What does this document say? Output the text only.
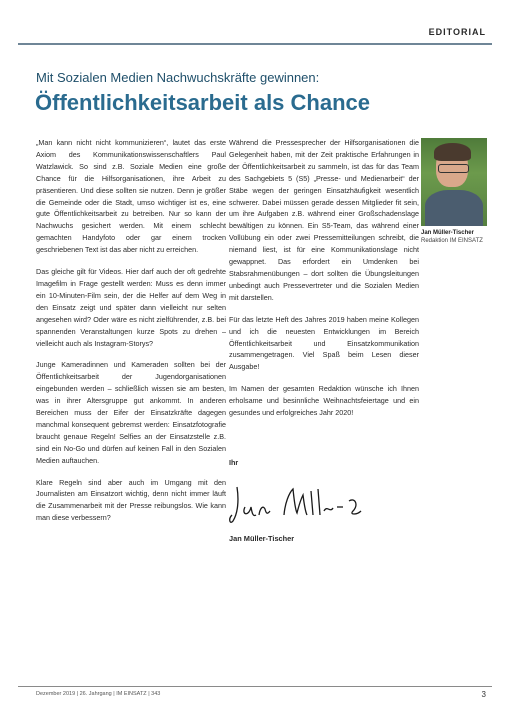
EDITORIAL
Mit Sozialen Medien Nachwuchskräfte gewinnen:
Öffentlichkeitsarbeit als Chance

„Man kann nicht nicht kommunizieren“, lautet das erste Axiom des Kommunikationswissenschaftlers Paul Watzlawick. So sind z.B. Soziale Medien eine große Chance für die Hilfsorganisationen, ihre Arbeit zu präsentieren. Und diese sollten sie nutzen. Denn je größer die Gemeinde oder die Stadt, umso wichtiger ist es, eine gute Öffentlichkeitsarbeit zu betreiben. Nur so kann der Nachwuchs gesichert werden. Mit einem schlecht gemachten Handyfoto oder gar einem trocken geschriebenen Text ist das aber nicht zu erreichen.

Das gleiche gilt für Videos. Hier darf auch der oft gedrehte Imagefilm in Frage gestellt werden: Muss es denn immer ein 10-Minuten-Film sein, der die Helfer auf dem Weg in den Einsatz zeigt und später dann vielleicht nur selten angesehen wird? Oder wäre es nicht zielführender, z.B. bei spannenden Veranstaltungen kurze Spots zu drehen – vielleicht auch als Instagram-Storys?

Junge Kameradinnen und Kameraden sollten bei der Öffentlichkeitsarbeit der Jugendorganisationen eingebunden werden – schließlich wissen sie am besten, was in ihrer Altersgruppe gut ankommt. In anderen Bereichen muss der Eifer der Einsatzkräfte dagegen manchmal konsequent gebremst werden: Einsatzfotografie braucht genaue Regeln! Selfies an der Einsatzstelle z.B. sind ein No-Go und dürfen auf keinen Fall in den Sozialen Medien auftauchen.

Klare Regeln sind aber auch im Umgang mit den Journalisten am Einsatzort wichtig, denn nicht immer läuft die Zusammenarbeit mit der Presse reibungslos. Wie kann man diese verbessern?

Während die Pressesprecher der Hilfsorganisationen die Gelegenheit haben, mit der Zeit praktische Erfahrungen in der Öffentlichkeitsarbeit zu sammeln, ist das für das Team des Sachgebiets 5 (S5) „Presse- und Medienarbeit“ der Stäbe wegen der geringen Einsatzhäufigkeit wesentlich schwerer. Dabei müssen gerade dessen Mitglieder fit sein, um ihre Aufgaben z.B. während einer Großschadenslage bewältigen zu können. Ein S5-Team, das während einer Vollübung ein oder zwei Pressemitteilungen schreibt, die niemand liest, ist für eine Kommunikationslage nicht gewappnet. Das erfordert ein Umdenken bei Stabsrahmenübungen – dort sollten die Übungsleitungen unbedingt auch Pressevertreter und die Sozialen Medien mit darstellen.

Für das letzte Heft des Jahres 2019 haben meine Kollegen und ich die neuesten Entwicklungen im Bereich Öffentlichkeitsarbeit und Einsatzkommunikation zusammengetragen. Viel Spaß beim Lesen dieser Ausgabe!

Im Namen der gesamten Redaktion wünsche ich Ihnen erholsame und besinnliche Weihnachtsfeiertage und ein gesundes und erfolgreiches Jahr 2020!

Jan Müller-Tischer
Redaktion IM EINSATZ
Ihr
Jan Müller-Tischer
Dezember 2019 | 26. Jahrgang | IM EINSATZ | 343	3
